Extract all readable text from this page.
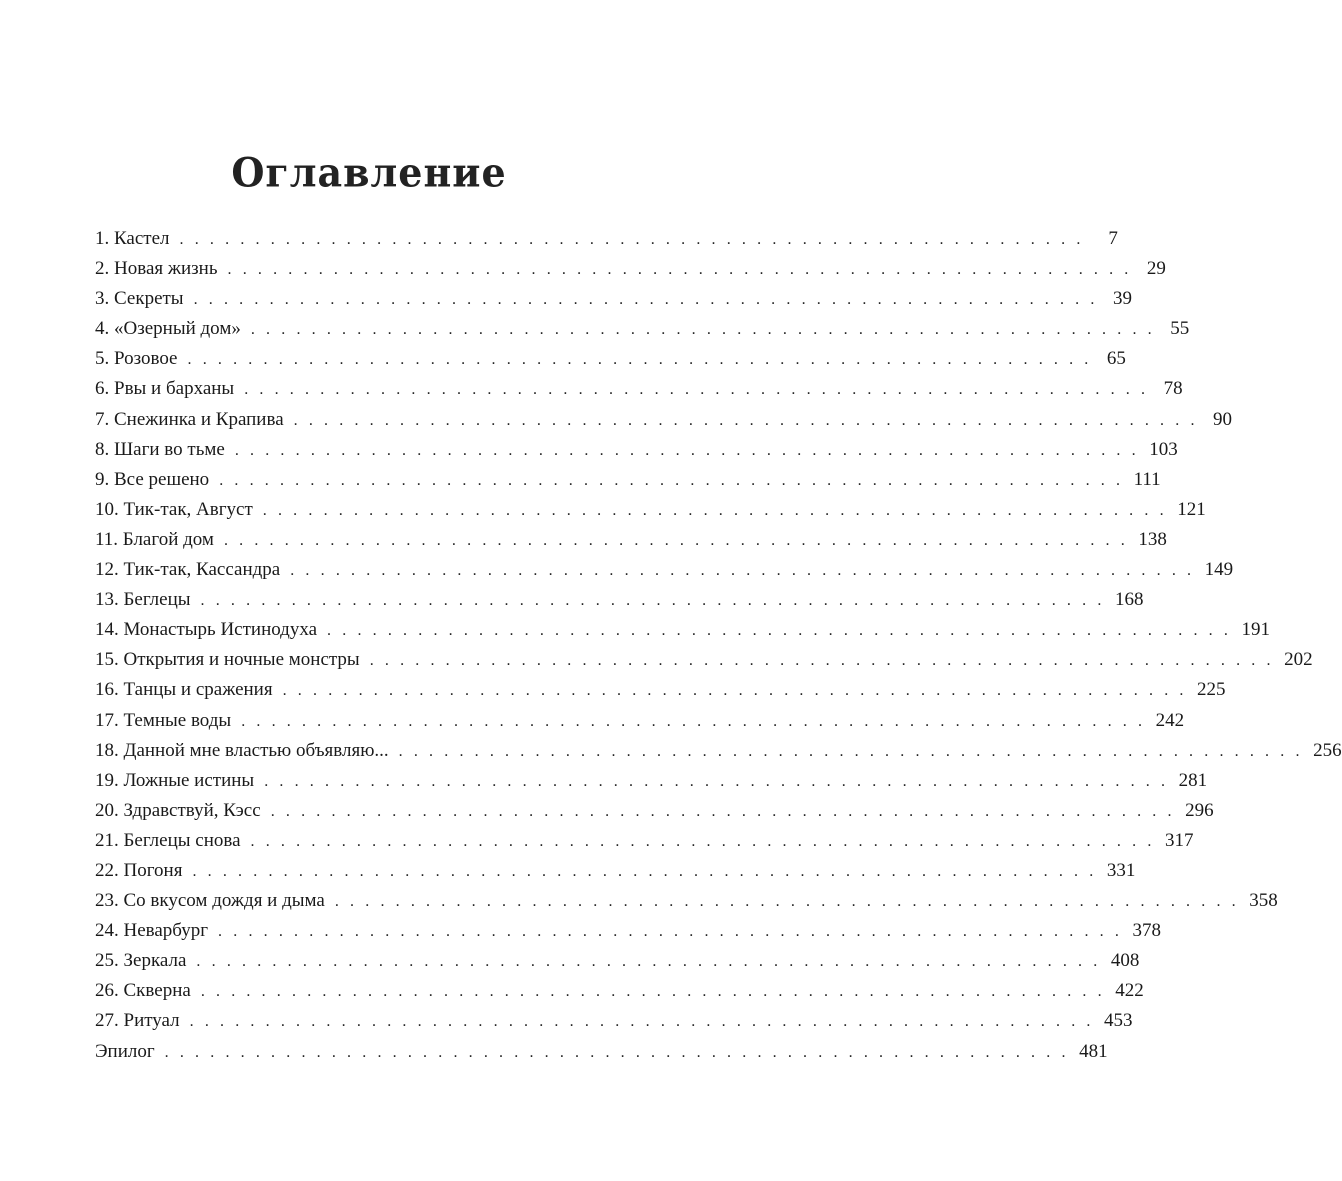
Оглавление
1. Кастел . . . . . . . . . . . . . . . . . . . . . . . . . . . . . . . . . . . . . . . . . . . . . . . . . . . . . . . . . . . .	7
2. Новая жизнь . . . . . . . . . . . . . . . . . . . . . . . . . . . . . . . . . . . . . . . . . . . . . . . . . . . . . . . . . . . . 29
3. Секреты . . . . . . . . . . . . . . . . . . . . . . . . . . . . . . . . . . . . . . . . . . . . . . . . . . . . . . . . . . . . 39
4. «Озерный дом» . . . . . . . . . . . . . . . . . . . . . . . . . . . . . . . . . . . . . . . . . . . . . . . . . . . . . . . . . . . . 55
5. Розовое . . . . . . . . . . . . . . . . . . . . . . . . . . . . . . . . . . . . . . . . . . . . . . . . . . . . . . . . . . . . 65
6. Рвы и барханы . . . . . . . . . . . . . . . . . . . . . . . . . . . . . . . . . . . . . . . . . . . . . . . . . . . . . . . . . . . . 78
7. Снежинка и Крапива . . . . . . . . . . . . . . . . . . . . . . . . . . . . . . . . . . . . . . . . . . . . . . . . . . . . . . . . . . . . 90
8. Шаги во тьме . . . . . . . . . . . . . . . . . . . . . . . . . . . . . . . . . . . . . . . . . . . . . . . . . . . . . . . . . . . . 103
9. Все решено . . . . . . . . . . . . . . . . . . . . . . . . . . . . . . . . . . . . . . . . . . . . . . . . . . . . . . . . . . . . 111
10. Тик-так, Август . . . . . . . . . . . . . . . . . . . . . . . . . . . . . . . . . . . . . . . . . . . . . . . . . . . . . . . . . . . . 121
11. Благой дом . . . . . . . . . . . . . . . . . . . . . . . . . . . . . . . . . . . . . . . . . . . . . . . . . . . . . . . . . . . . 138
12. Тик-так, Кассандра . . . . . . . . . . . . . . . . . . . . . . . . . . . . . . . . . . . . . . . . . . . . . . . . . . . . . . . . . . . . 149
13. Беглецы . . . . . . . . . . . . . . . . . . . . . . . . . . . . . . . . . . . . . . . . . . . . . . . . . . . . . . . . . . . . 168
14. Монастырь Истинодуха . . . . . . . . . . . . . . . . . . . . . . . . . . . . . . . . . . . . . . . . . . . . . . . . . . . . . . . . . . . . 191
15. Открытия и ночные монстры . . . . . . . . . . . . . . . . . . . . . . . . . . . . . . . . . . . . . . . . . . . . . . . . . . . . . . . . . . . . 202
16. Танцы и сражения . . . . . . . . . . . . . . . . . . . . . . . . . . . . . . . . . . . . . . . . . . . . . . . . . . . . . . . . . . . . 225
17. Темные воды . . . . . . . . . . . . . . . . . . . . . . . . . . . . . . . . . . . . . . . . . . . . . . . . . . . . . . . . . . . . 242
18. Данной мне властью объявляю... . . . . . . . . . . . . . . . . . . . . . . . . . . . . . . . . . . . . . . . . . . . . . . . . . . . . . . . . . . . . 256
19. Ложные истины . . . . . . . . . . . . . . . . . . . . . . . . . . . . . . . . . . . . . . . . . . . . . . . . . . . . . . . . . . . . 281
20. Здравствуй, Кэсс . . . . . . . . . . . . . . . . . . . . . . . . . . . . . . . . . . . . . . . . . . . . . . . . . . . . . . . . . . . . 296
21. Беглецы снова . . . . . . . . . . . . . . . . . . . . . . . . . . . . . . . . . . . . . . . . . . . . . . . . . . . . . . . . . . . . 317
22. Погоня . . . . . . . . . . . . . . . . . . . . . . . . . . . . . . . . . . . . . . . . . . . . . . . . . . . . . . . . . . . . 331
23. Со вкусом дождя и дыма . . . . . . . . . . . . . . . . . . . . . . . . . . . . . . . . . . . . . . . . . . . . . . . . . . . . . . . . . . . . 358
24. Неварбург . . . . . . . . . . . . . . . . . . . . . . . . . . . . . . . . . . . . . . . . . . . . . . . . . . . . . . . . . . . . 378
25. Зеркала . . . . . . . . . . . . . . . . . . . . . . . . . . . . . . . . . . . . . . . . . . . . . . . . . . . . . . . . . . . . 408
26. Скверна . . . . . . . . . . . . . . . . . . . . . . . . . . . . . . . . . . . . . . . . . . . . . . . . . . . . . . . . . . . . 422
27. Ритуал . . . . . . . . . . . . . . . . . . . . . . . . . . . . . . . . . . . . . . . . . . . . . . . . . . . . . . . . . . . . 453
Эпилог . . . . . . . . . . . . . . . . . . . . . . . . . . . . . . . . . . . . . . . . . . . . . . . . . . . . . . . . . . . . 481
